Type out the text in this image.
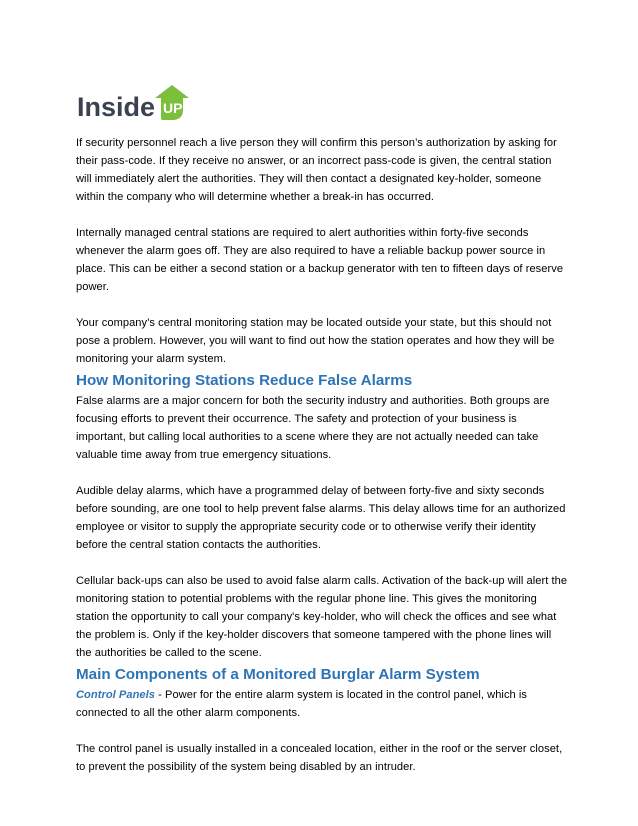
Inside UP

If security personnel reach a live person they will confirm this person’s authorization by asking for their pass-code. If they receive no answer, or an incorrect pass-code is given, the central station will immediately alert the authorities. They will then contact a designated key-holder, someone within the company who will determine whether a break-in has occurred.

Internally managed central stations are required to alert authorities within forty-five seconds whenever the alarm goes off. They are also required to have a reliable backup power source in place. This can be either a second station or a backup generator with ten to fifteen days of reserve power.

Your company’s central monitoring station may be located outside your state, but this should not pose a problem. However, you will want to find out how the station operates and how they will be monitoring your alarm system.

How Monitoring Stations Reduce False Alarms

False alarms are a major concern for both the security industry and authorities. Both groups are focusing efforts to prevent their occurrence. The safety and protection of your business is important, but calling local authorities to a scene where they are not actually needed can take valuable time away from true emergency situations.

Audible delay alarms, which have a programmed delay of between forty-five and sixty seconds before sounding, are one tool to help prevent false alarms. This delay allows time for an authorized employee or visitor to supply the appropriate security code or to otherwise verify their identity before the central station contacts the authorities.

Cellular back-ups can also be used to avoid false alarm calls. Activation of the back-up will alert the monitoring station to potential problems with the regular phone line. This gives the monitoring station the opportunity to call your company's key-holder, who will check the offices and see what the problem is. Only if the key-holder discovers that someone tampered with the phone lines will the authorities be called to the scene.

Main Components of a Monitored Burglar Alarm System

Control Panels - Power for the entire alarm system is located in the control panel, which is connected to all the other alarm components.

The control panel is usually installed in a concealed location, either in the roof or the server closet, to prevent the possibility of the system being disabled by an intruder.
